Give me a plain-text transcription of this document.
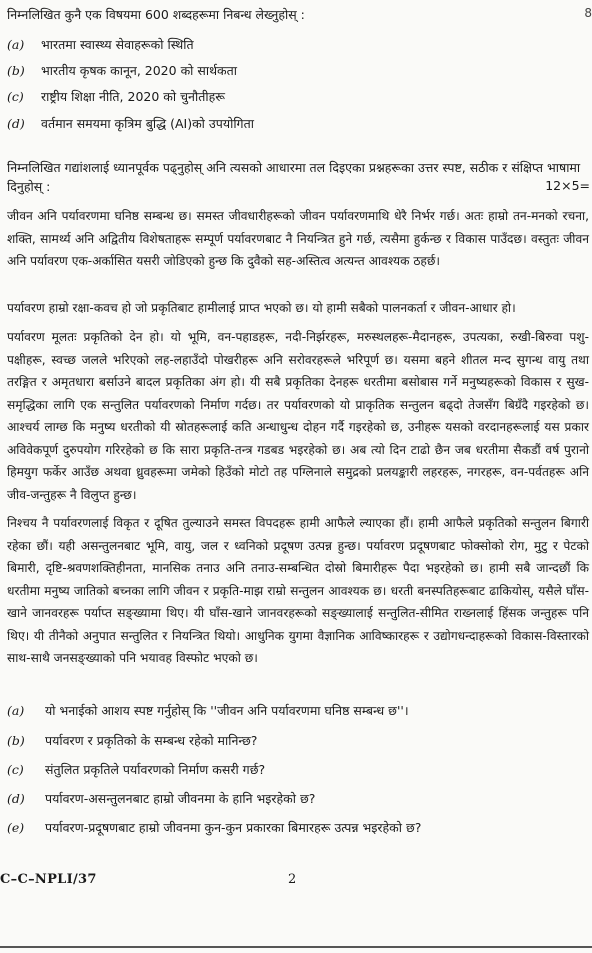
निम्नलिखित कुनै एक विषयमा 600 शब्दहरूमा निबन्ध लेख्नुहोस् :	8
(a) भारतमा स्वास्थ्य सेवाहरूको स्थिति
(b) भारतीय कृषक कानून, 2020 को सार्थकता
(c) राष्ट्रीय शिक्षा नीति, 2020 को चुनौतीहरू
(d) वर्तमान समयमा कृत्रिम बुद्धि (AI)को उपयोगिता
निम्नलिखित गद्यांशलाई ध्यानपूर्वक पढ्नुहोस् अनि त्यसको आधारमा तल दिइएका प्रश्नहरूका उत्तर स्पष्ट, सठीक र संक्षिप्त भाषामा दिनुहोस् :	12×5=
जीवन अनि पर्यावरणमा घनिष्ठ सम्बन्ध छ। समस्त जीवधारीहरूको जीवन पर्यावरणमाथि धेरै निर्भर गर्छ। अतः हाम्रो तन-मनको रचना, शक्ति, सामर्थ्य अनि अद्वितीय विशेषताहरू सम्पूर्ण पर्यावरणबाट नै नियन्त्रित हुने गर्छ, त्यसैमा हुर्कन्छ र विकास पाउँदछ। वस्तुतः जीवन अनि पर्यावरण एक-अर्कासित यसरी जोडिएको हुन्छ कि दुवैको सह-अस्तित्व अत्यन्त आवश्यक ठहर्छ।
पर्यावरण हाम्रो रक्षा-कवच हो जो प्रकृतिबाट हामीलाई प्राप्त भएको छ। यो हामी सबैको पालनकर्ता र जीवन-आधार हो।
पर्यावरण मूलतः प्रकृतिको देन हो। यो भूमि, वन-पहाडहरू, नदी-निर्झरहरू, मरुस्थलहरू-मैदानहरू, उपत्यका, रुखी-बिरुवा पशु-पक्षीहरू, स्वच्छ जलले भरिएको लह-लहाउँदो पोखरीहरू अनि सरोवरहरूले भरिपूर्ण छ। यसमा बहने शीतल मन्द सुगन्ध वायु तथा तरङ्गित र अमृतधारा बर्साउने बादल प्रकृतिका अंग हो। यी सबै प्रकृतिका देनहरू धरतीमा बसोबास गर्ने मनुष्यहरूको विकास र सुख-समृद्धिका लागि एक सन्तुलित पर्यावरणको निर्माण गर्दछ। तर पर्यावरणको यो प्राकृतिक सन्तुलन बढ्दो तेजसँग बिग्रँदै गइरहेको छ। आश्चर्य लाग्छ कि मनुष्य धरतीको यी स्रोतहरूलाई कति अन्धाधुन्ध दोहन गर्दै गइरहेको छ, उनीहरू यसको वरदानहरूलाई यस प्रकार अविवेकपूर्ण दुरुपयोग गरिरहेको छ कि सारा प्रकृति-तन्त्र गडबड भइरहेको छ। अब त्यो दिन टाढो छैन जब धरतीमा सैकडौं वर्ष पुरानो हिमयुग फर्केर आउँछ अथवा ध्रुवहरूमा जमेको हिउँको मोटो तह पग्लिनाले समुद्रको प्रलयङ्कारी लहरहरू, नगरहरू, वन-पर्वतहरू अनि जीव-जन्तुहरू नै विलुप्त हुन्छ।
निश्चय नै पर्यावरणलाई विकृत र दूषित तुल्याउने समस्त विपदहरू हामी आफैले ल्याएका हौं। हामी आफैले प्रकृतिको सन्तुलन बिगारी रहेका छौं। यही असन्तुलनबाट भूमि, वायु, जल र ध्वनिको प्रदूषण उत्पन्न हुन्छ। पर्यावरण प्रदूषणबाट फोक्सोको रोग, मुटु र पेटको बिमारी, दृष्टि-श्रवणशक्तिहीनता, मानसिक तनाउ अनि तनाउ-सम्बन्धित दोस्रो बिमारीहरू पैदा भइरहेको छ। हामी सबै जान्दछौं कि धरतीमा मनुष्य जातिको बच्नका लागि जीवन र प्रकृति-माझ राम्रो सन्तुलन आवश्यक छ। धरती बनस्पतिहरूबाट ढाकियोस्, यसैले घाँस-खाने जानवरहरू पर्याप्त सङ्ख्यामा थिए। यी घाँस-खाने जानवरहरूको सङ्ख्यालाई सन्तुलित-सीमित राख्नलाई हिंसक जन्तुहरू पनि थिए। यी तीनैको अनुपात सन्तुलित र नियन्त्रित थियो। आधुनिक युगमा वैज्ञानिक आविष्कारहरू र उद्योगधन्दाहरूको विकास-विस्तारको साथ-साथै जनसङ्ख्याको पनि भयावह विस्फोट भएको छ।
(a) यो भनाईको आशय स्पष्ट गर्नुहोस् कि ''जीवन अनि पर्यावरणमा घनिष्ठ सम्बन्ध छ''।
(b) पर्यावरण र प्रकृतिको के सम्बन्ध रहेको मानिन्छ?
(c) संतुलित प्रकृतिले पर्यावरणको निर्माण कसरी गर्छ?
(d) पर्यावरण-असन्तुलनबाट हाम्रो जीवनमा के हानि भइरहेको छ?
(e) पर्यावरण-प्रदूषणबाट हाम्रो जीवनमा कुन-कुन प्रकारका बिमारहरू उत्पन्न भइरहेको छ?
C–C–NPLI/37	2
